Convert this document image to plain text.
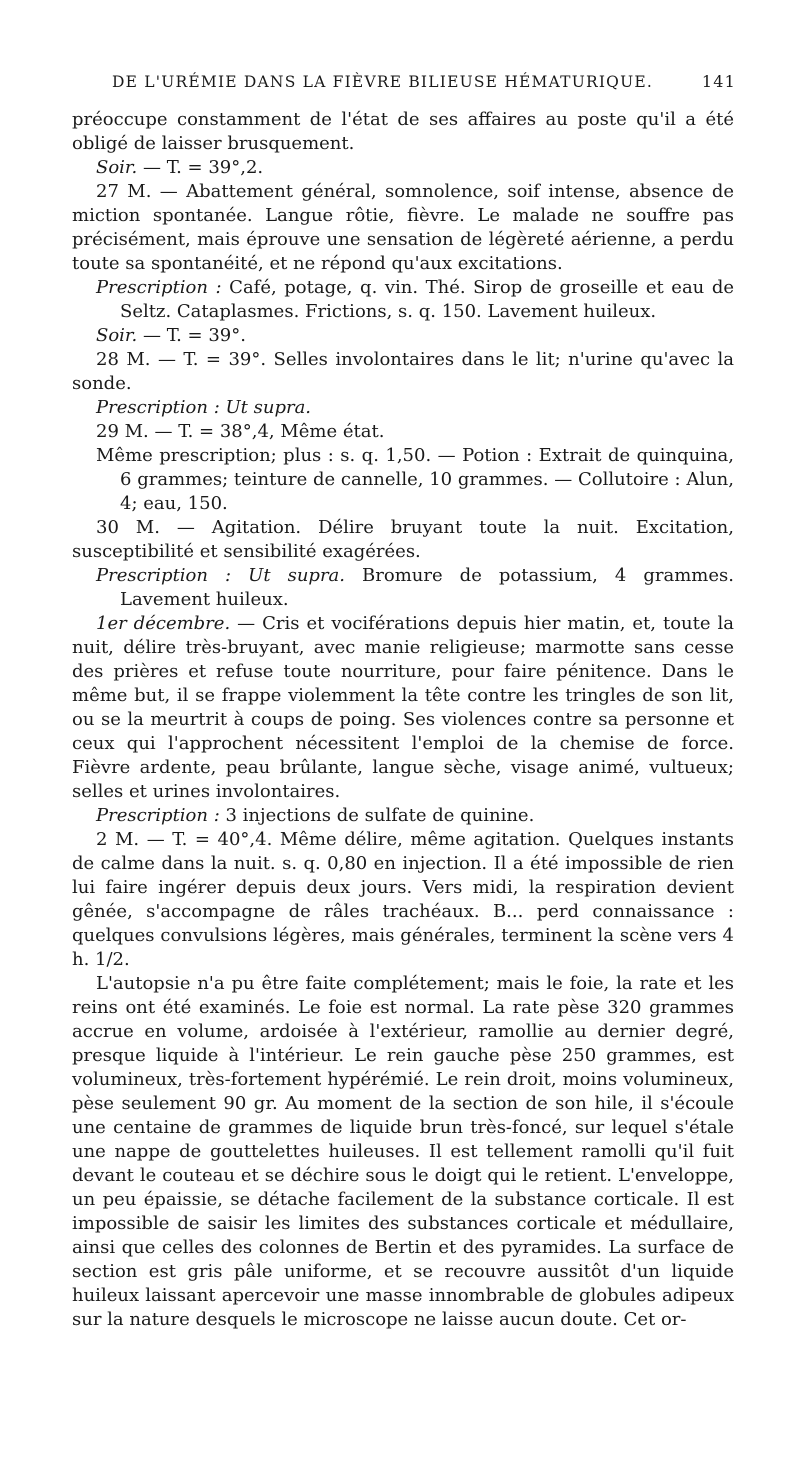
DE L'URÉMIE DANS LA FIÈVRE BILIEUSE HÉMATURIQUE.	141

préoccupe constamment de l'état de ses affaires au poste qu'il a été obligé de laisser brusquement.

Soir. — T. = 39°,2.

27 M. — Abattement général, somnolence, soif intense, absence de miction spontanée. Langue rôtie, fièvre. Le malade ne souffre pas précisément, mais éprouve une sensation de légèreté aérienne, a perdu toute sa spontanéité, et ne répond qu'aux excitations.

Prescription : Café, potage, q. vin. Thé. Sirop de groseille et eau de Seltz. Cataplasmes. Frictions, s. q. 150. Lavement huileux.

Soir. — T. = 39°.

28 M. — T. = 39°. Selles involontaires dans le lit; n'urine qu'avec la sonde.

Prescription : Ut supra.

29 M. — T. = 38°,4, Même état.

Même prescription; plus : s. q. 1,50. — Potion : Extrait de quinquina, 6 grammes; teinture de cannelle, 10 grammes. — Collutoire : Alun, 4; eau, 150.

30 M. — Agitation. Délire bruyant toute la nuit. Excitation, susceptibilité et sensibilité exagérées.

Prescription : Ut supra. Bromure de potassium, 4 grammes. Lavement huileux.

1er décembre. — Cris et vociférations depuis hier matin, et, toute la nuit, délire très-bruyant, avec manie religieuse; marmotte sans cesse des prières et refuse toute nourriture, pour faire pénitence. Dans le même but, il se frappe violemment la tête contre les tringles de son lit, ou se la meurtrit à coups de poing. Ses violences contre sa personne et ceux qui l'approchent nécessitent l'emploi de la chemise de force. Fièvre ardente, peau brûlante, langue sèche, visage animé, vultueux; selles et urines involontaires.

Prescription : 3 injections de sulfate de quinine.

2 M. — T. = 40°,4. Même délire, même agitation. Quelques instants de calme dans la nuit. s. q. 0,80 en injection. Il a été impossible de rien lui faire ingérer depuis deux jours. Vers midi, la respiration devient gênée, s'accompagne de râles trachéaux. B... perd connaissance : quelques convulsions légères, mais générales, terminent la scène vers 4 h. 1/2.

L'autopsie n'a pu être faite complétement; mais le foie, la rate et les reins ont été examinés. Le foie est normal. La rate pèse 320 grammes accrue en volume, ardoisée à l'extérieur, ramollie au dernier degré, presque liquide à l'intérieur. Le rein gauche pèse 250 grammes, est volumineux, très-fortement hypérémié. Le rein droit, moins volumineux, pèse seulement 90 gr. Au moment de la section de son hile, il s'écoule une centaine de grammes de liquide brun très-foncé, sur lequel s'étale une nappe de gouttelettes huileuses. Il est tellement ramolli qu'il fuit devant le couteau et se déchire sous le doigt qui le retient. L'enveloppe, un peu épaissie, se détache facilement de la substance corticale. Il est impossible de saisir les limites des substances corticale et médullaire, ainsi que celles des colonnes de Bertin et des pyramides. La surface de section est gris pâle uniforme, et se recouvre aussitôt d'un liquide huileux laissant apercevoir une masse innombrable de globules adipeux sur la nature desquels le microscope ne laisse aucun doute. Cet or-
